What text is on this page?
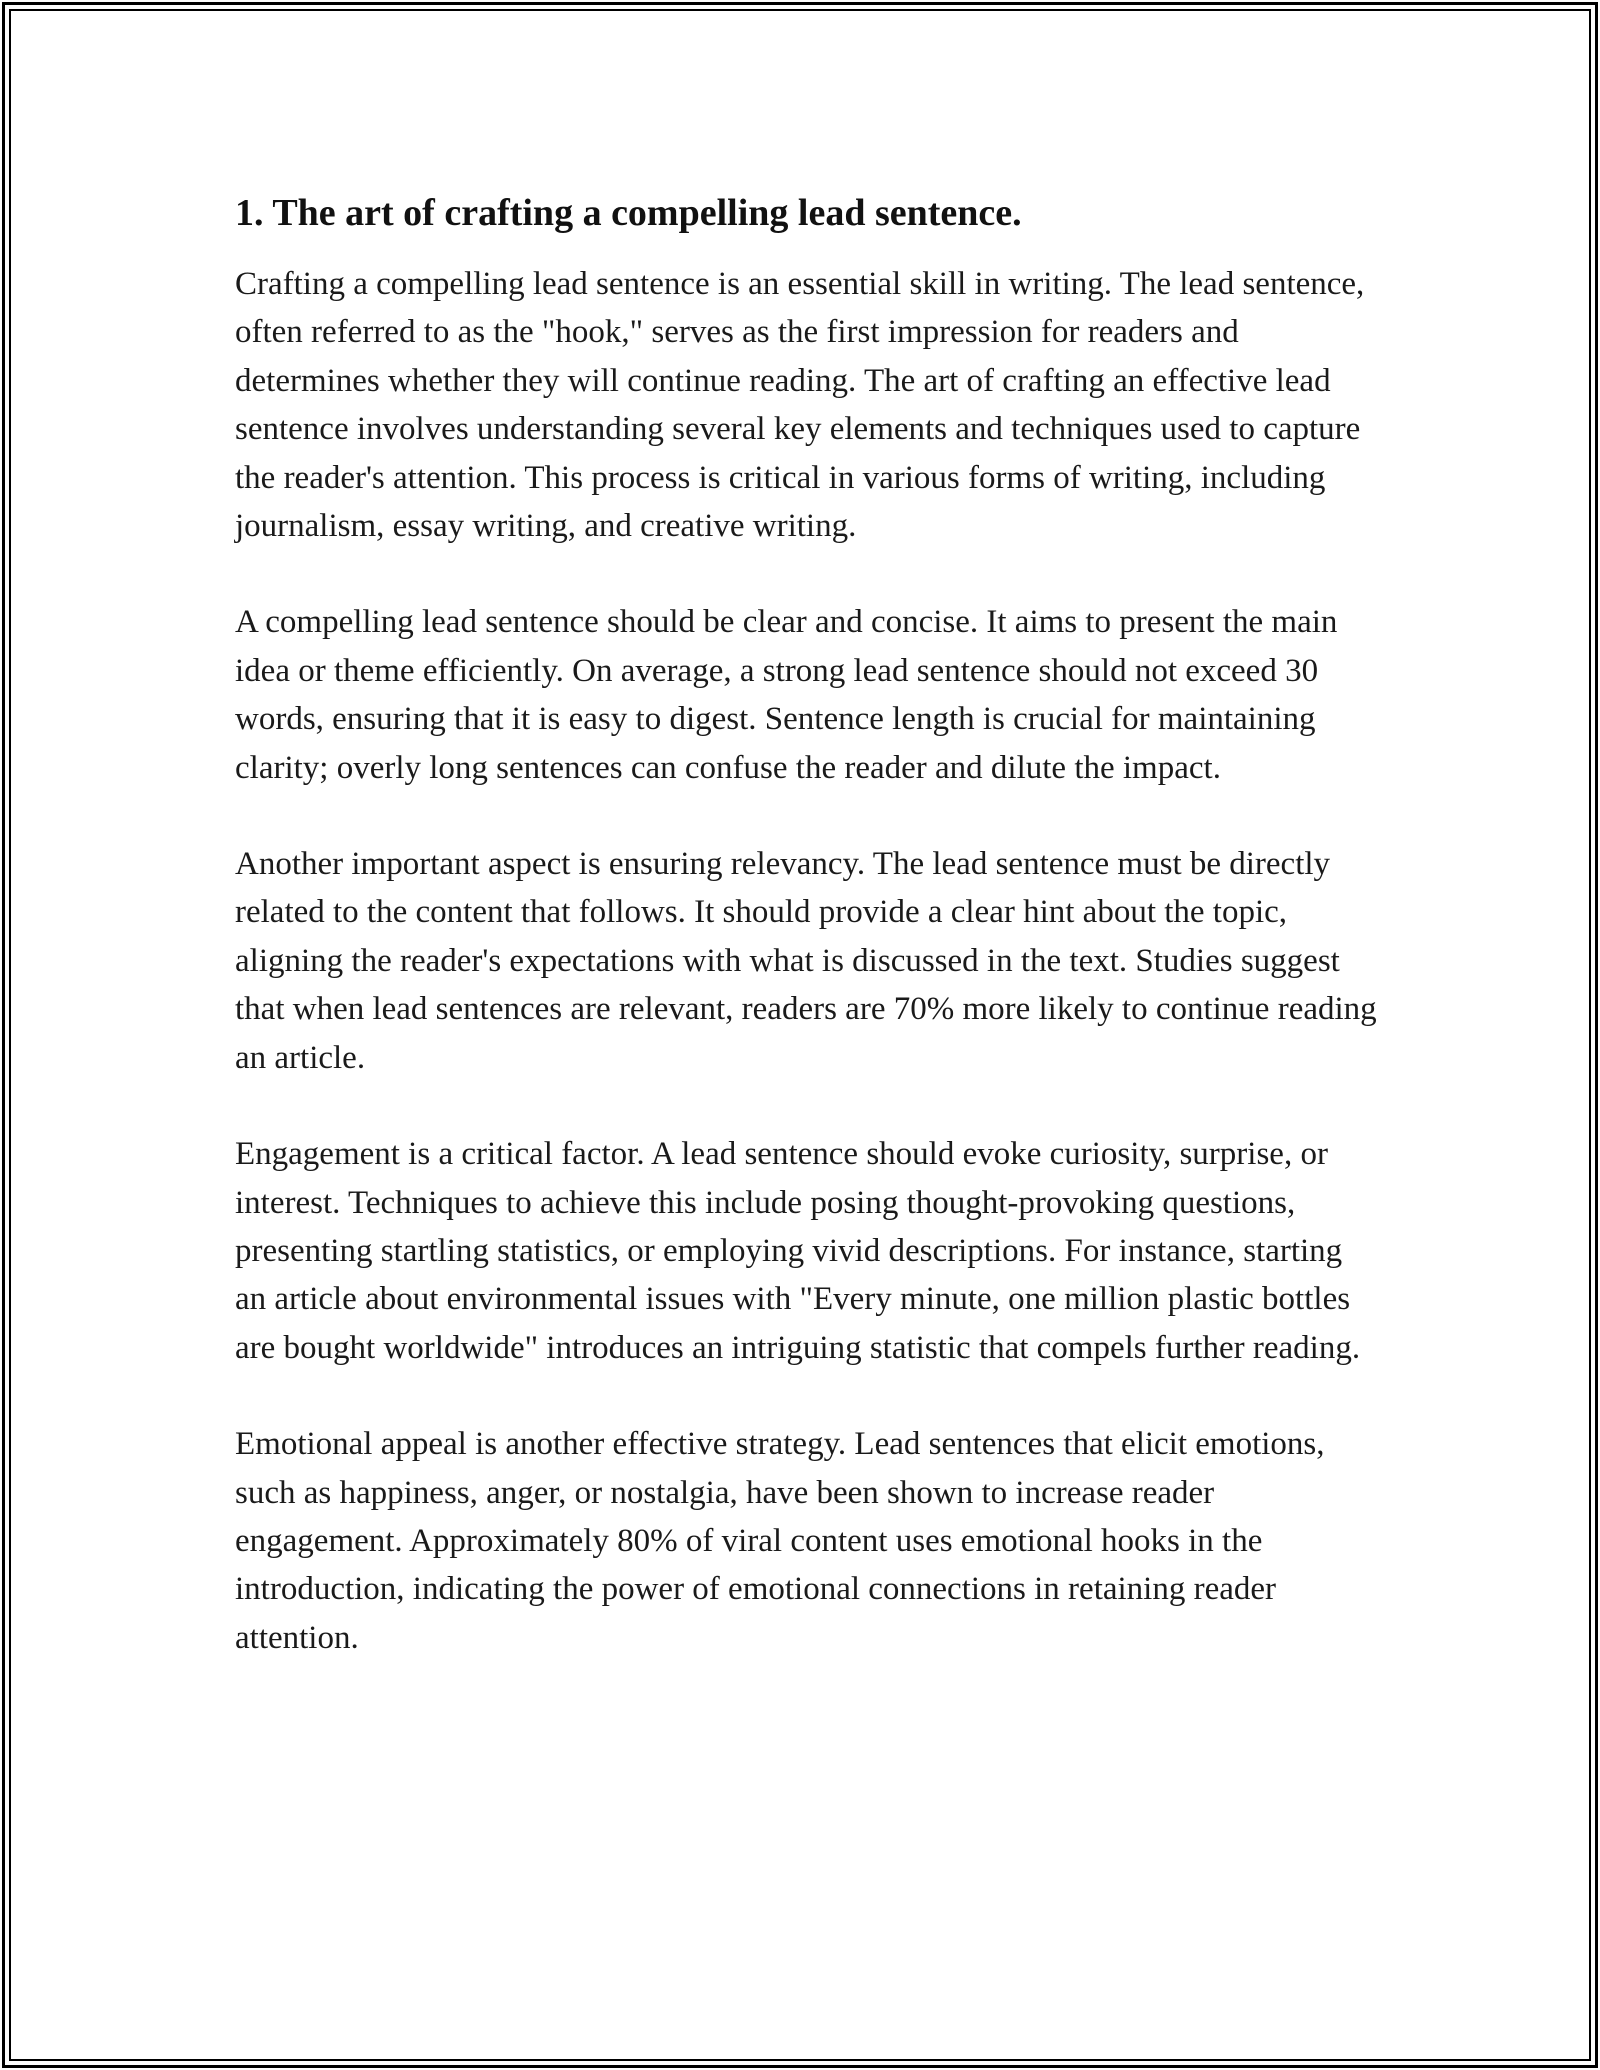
1. The art of crafting a compelling lead sentence.

Crafting a compelling lead sentence is an essential skill in writing. The lead sentence, often referred to as the "hook," serves as the first impression for readers and determines whether they will continue reading. The art of crafting an effective lead sentence involves understanding several key elements and techniques used to capture the reader's attention. This process is critical in various forms of writing, including journalism, essay writing, and creative writing.

A compelling lead sentence should be clear and concise. It aims to present the main idea or theme efficiently. On average, a strong lead sentence should not exceed 30 words, ensuring that it is easy to digest. Sentence length is crucial for maintaining clarity; overly long sentences can confuse the reader and dilute the impact.

Another important aspect is ensuring relevancy. The lead sentence must be directly related to the content that follows. It should provide a clear hint about the topic, aligning the reader's expectations with what is discussed in the text. Studies suggest that when lead sentences are relevant, readers are 70% more likely to continue reading an article.

Engagement is a critical factor. A lead sentence should evoke curiosity, surprise, or interest. Techniques to achieve this include posing thought-provoking questions, presenting startling statistics, or employing vivid descriptions. For instance, starting an article about environmental issues with "Every minute, one million plastic bottles are bought worldwide" introduces an intriguing statistic that compels further reading.

Emotional appeal is another effective strategy. Lead sentences that elicit emotions, such as happiness, anger, or nostalgia, have been shown to increase reader engagement. Approximately 80% of viral content uses emotional hooks in the introduction, indicating the power of emotional connections in retaining reader attention.
